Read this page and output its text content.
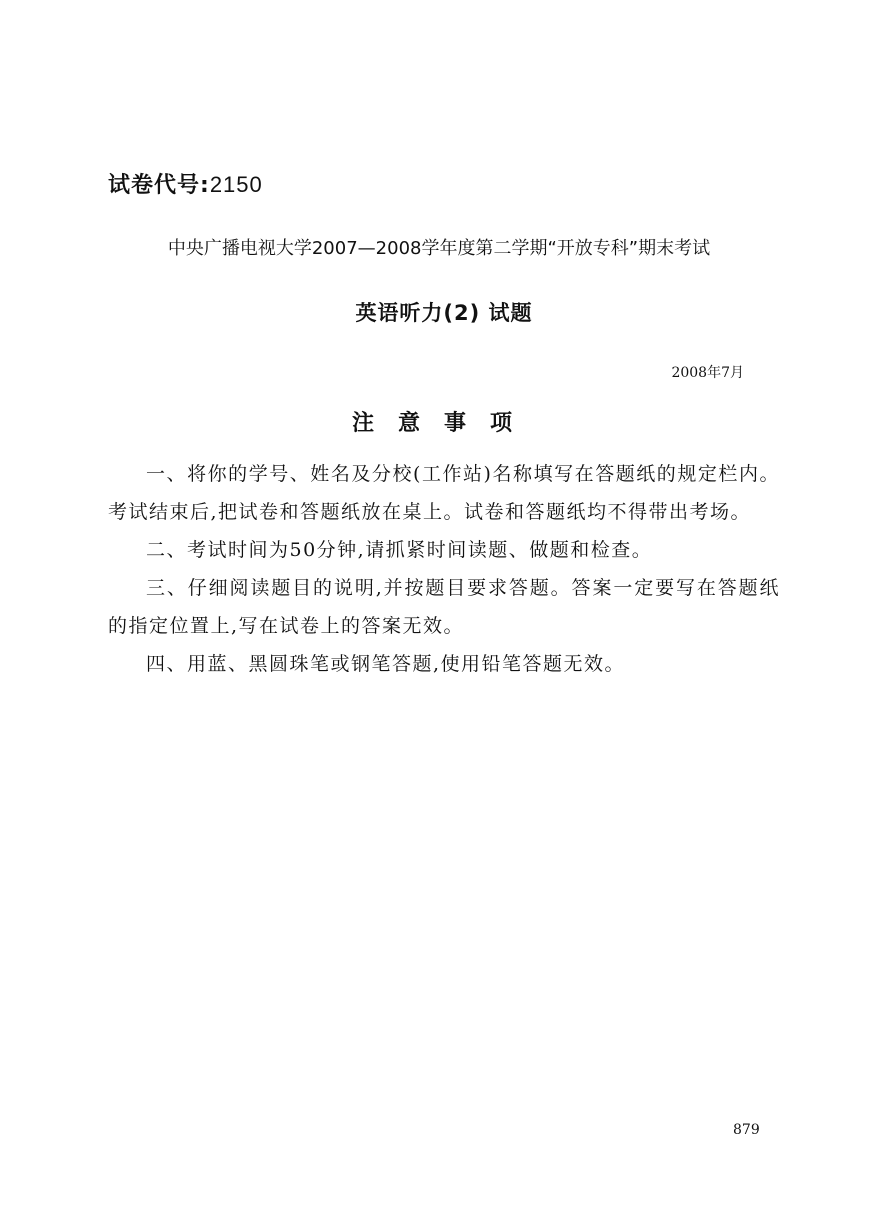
试卷代号:2150
中央广播电视大学2007—2008学年度第二学期“开放专科”期末考试
英语听力(2) 试题
2008年7月
注意事项
一、将你的学号、姓名及分校(工作站)名称填写在答题纸的规定栏内。考试结束后,把试卷和答题纸放在桌上。试卷和答题纸均不得带出考场。
二、考试时间为50分钟,请抓紧时间读题、做题和检查。
三、仔细阅读题目的说明,并按题目要求答题。答案一定要写在答题纸的指定位置上,写在试卷上的答案无效。
四、用蓝、黑圆珠笔或钢笔答题,使用铅笔答题无效。
879
